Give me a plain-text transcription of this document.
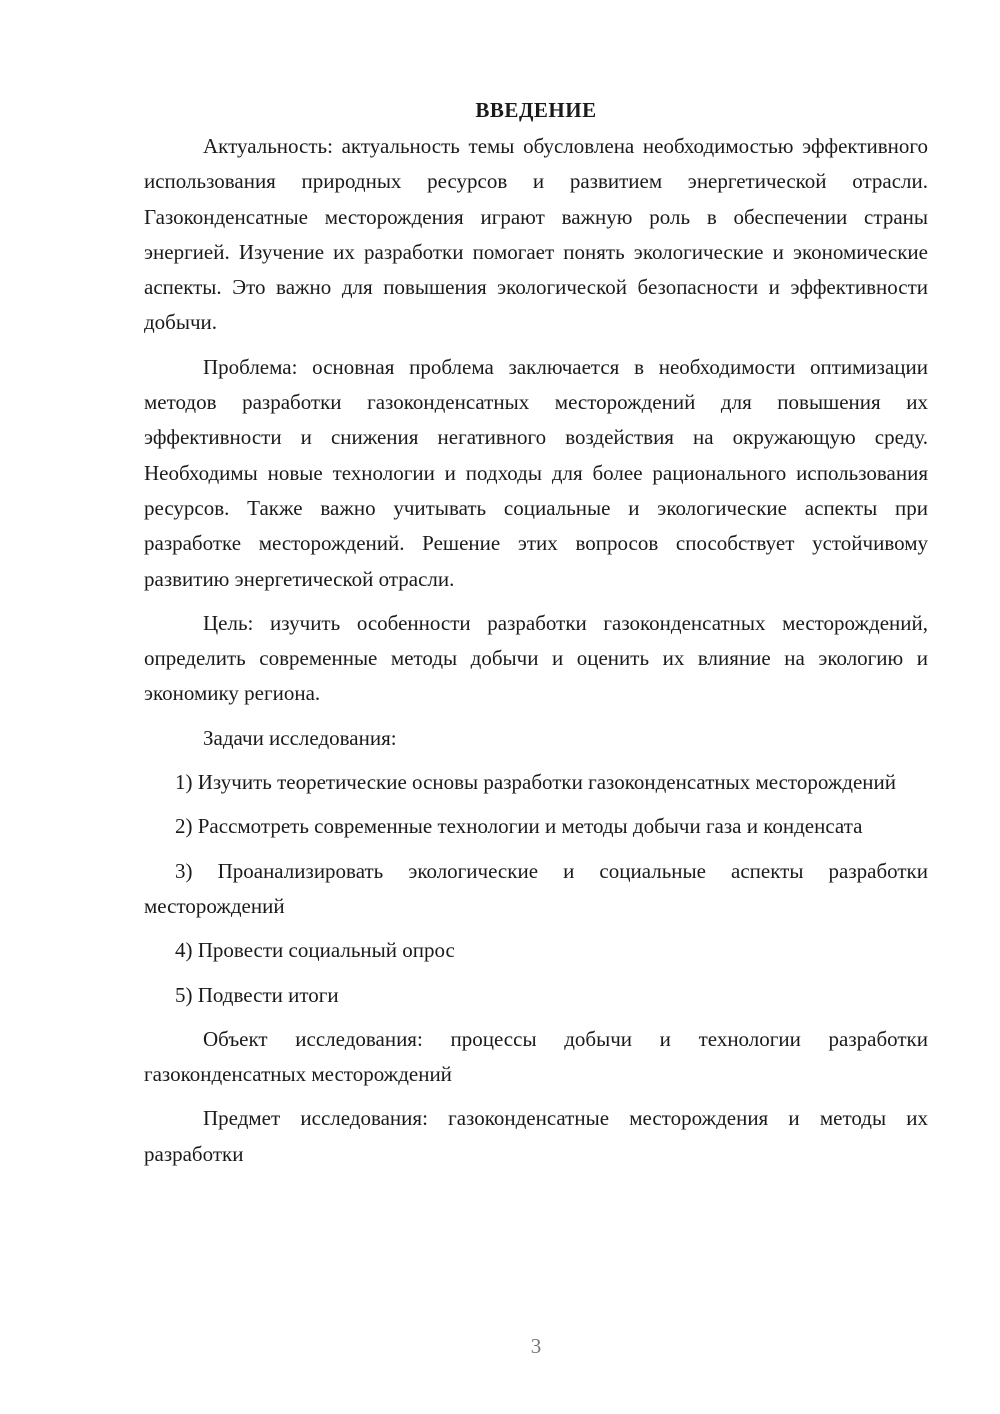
ВВЕДЕНИЕ

Актуальность: актуальность темы обусловлена необходимостью эффективного использования природных ресурсов и развитием энергетической отрасли. Газоконденсатные месторождения играют важную роль в обеспечении страны энергией. Изучение их разработки помогает понять экологические и экономические аспекты. Это важно для повышения экологической безопасности и эффективности добычи.

Проблема: основная проблема заключается в необходимости оптимизации методов разработки газоконденсатных месторождений для повышения их эффективности и снижения негативного воздействия на окружающую среду. Необходимы новые технологии и подходы для более рационального использования ресурсов. Также важно учитывать социальные и экологические аспекты при разработке месторождений. Решение этих вопросов способствует устойчивому развитию энергетической отрасли.

Цель: изучить особенности разработки газоконденсатных месторождений, определить современные методы добычи и оценить их влияние на экологию и экономику региона.

Задачи исследования:

1) Изучить теоретические основы разработки газоконденсатных месторождений

2) Рассмотреть современные технологии и методы добычи газа и конденсата

3) Проанализировать экологические и социальные аспекты разработки месторождений

4) Провести социальный опрос

5) Подвести итоги

Объект исследования: процессы добычи и технологии разработки газоконденсатных месторождений

Предмет исследования: газоконденсатные месторождения и методы их разработки

3
